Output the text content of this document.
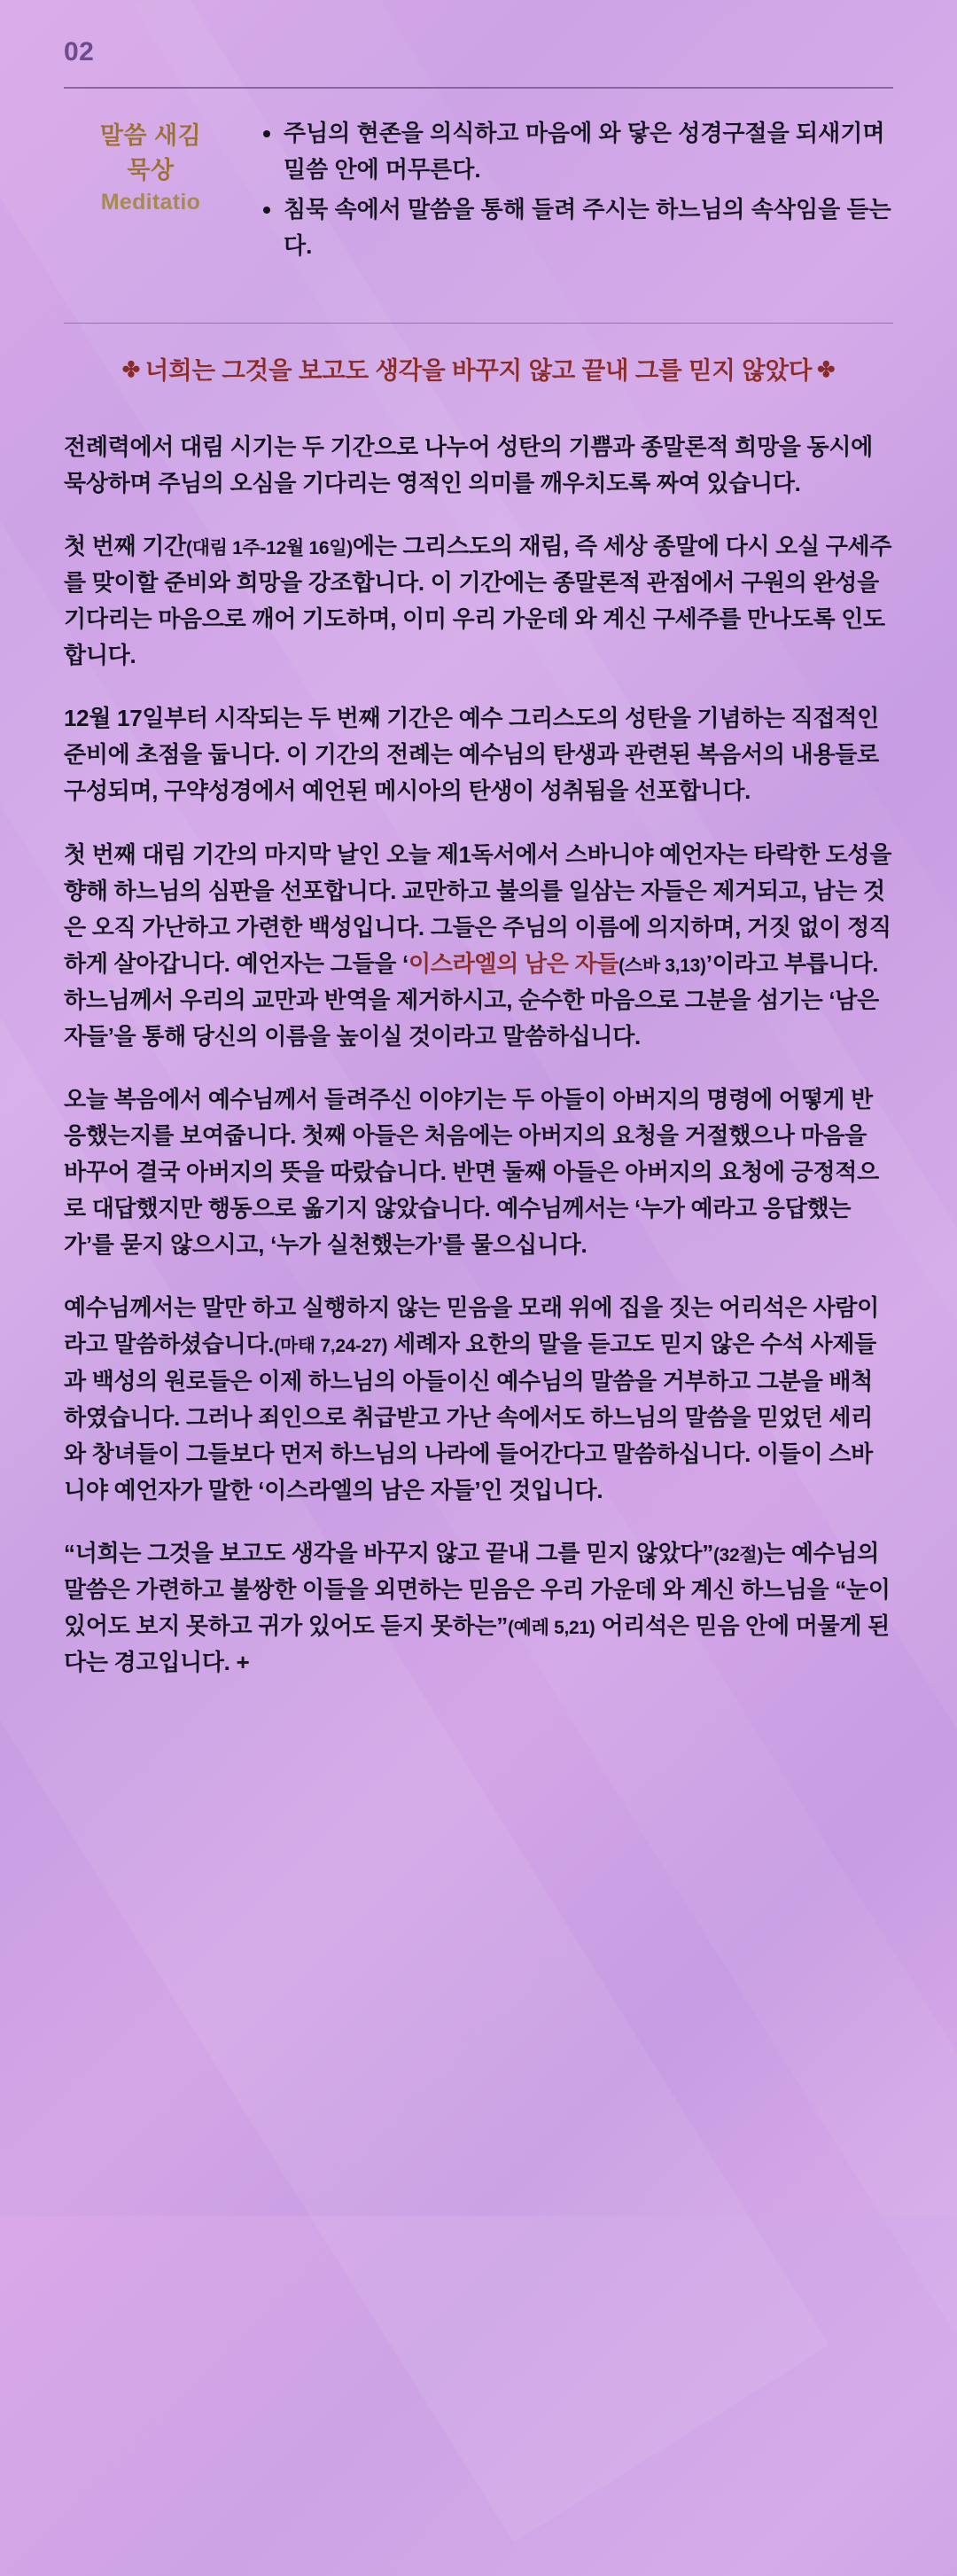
02
말씀 새김
묵상
Meditatio
• 주님의 현존을 의식하고 마음에 와 닿은 성경구절을 되새기며 밀씀 안에 머무른다.
• 침묵 속에서 말씀을 통해 들려 주시는 하느님의 속삭임을 듣는다.
✤ 너희는 그것을 보고도 생각을 바꾸지 않고 끝내 그를 믿지 않았다 ✤

전례력에서 대림 시기는 두 기간으로 나누어 성탄의 기쁨과 종말론적 희망을 동시에 묵상하며 주님의 오심을 기다리는 영적인 의미를 깨우치도록 짜여 있습니다.

첫 번째 기간(대림 1주-12월 16일)에는 그리스도의 재림, 즉 세상 종말에 다시 오실 구세주를 맞이할 준비와 희망을 강조합니다. 이 기간에는 종말론적 관점에서 구원의 완성을 기다리는 마음으로 깨어 기도하며, 이미 우리 가운데 와 계신 구세주를 만나도록 인도합니다.

12월 17일부터 시작되는 두 번째 기간은 예수 그리스도의 성탄을 기념하는 직접적인 준비에 초점을 둡니다. 이 기간의 전례는 예수님의 탄생과 관련된 복음서의 내용들로 구성되며, 구약성경에서 예언된 메시아의 탄생이 성취됨을 선포합니다.

첫 번째 대림 기간의 마지막 날인 오늘 제1독서에서 스바니야 예언자는 타락한 도성을 향해 하느님의 심판을 선포합니다. 교만하고 불의를 일삼는 자들은 제거되고, 남는 것은 오직 가난하고 가련한 백성입니다. 그들은 주님의 이름에 의지하며, 거짓 없이 정직하게 살아갑니다. 예언자는 그들을 ‘이스라엘의 남은 자들(스바 3,13)’이라고 부릅니다. 하느님께서 우리의 교만과 반역을 제거하시고, 순수한 마음으로 그분을 섬기는 ‘남은 자들’을 통해 당신의 이름을 높이실 것이라고 말씀하십니다.

오늘 복음에서 예수님께서 들려주신 이야기는 두 아들이 아버지의 명령에 어떻게 반응했는지를 보여줍니다. 첫째 아들은 처음에는 아버지의 요청을 거절했으나 마음을 바꾸어 결국 아버지의 뜻을 따랐습니다. 반면 둘째 아들은 아버지의 요청에 긍정적으로 대답했지만 행동으로 옮기지 않았습니다. 예수님께서는 ‘누가 예라고 응답했는가’를 묻지 않으시고, ‘누가 실천했는가’를 물으십니다.

예수님께서는 말만 하고 실행하지 않는 믿음을 모래 위에 집을 짓는 어리석은 사람이라고 말씀하셨습니다.(마태 7,24-27) 세례자 요한의 말을 듣고도 믿지 않은 수석 사제들과 백성의 원로들은 이제 하느님의 아들이신 예수님의 말씀을 거부하고 그분을 배척하였습니다. 그러나 죄인으로 취급받고 가난 속에서도 하느님의 말씀을 믿었던 세리와 창녀들이 그들보다 먼저 하느님의 나라에 들어간다고 말씀하십니다. 이들이 스바니야 예언자가 말한 ‘이스라엘의 남은 자들’인 것입니다.

“너희는 그것을 보고도 생각을 바꾸지 않고 끝내 그를 믿지 않았다”(32절)는 예수님의 말씀은 가련하고 불쌍한 이들을 외면하는 믿음은 우리 가운데 와 계신 하느님을 “눈이 있어도 보지 못하고 귀가 있어도 듣지 못하는”(예레 5,21) 어리석은 믿음 안에 머물게 된다는 경고입니다. +
